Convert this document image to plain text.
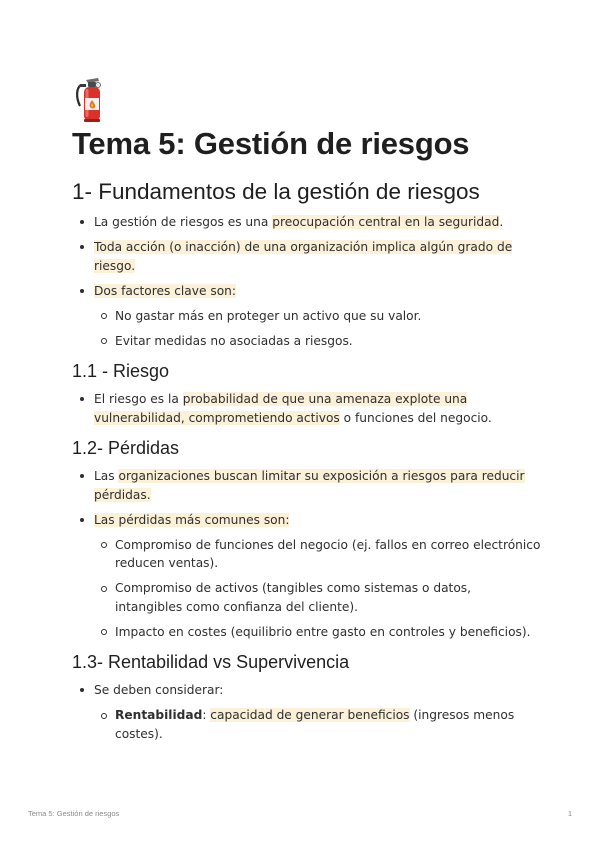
Tema 5: Gestión de riesgos
1- Fundamentos de la gestión de riesgos
La gestión de riesgos es una preocupación central en la seguridad.
Toda acción (o inacción) de una organización implica algún grado de riesgo.
Dos factores clave son:
No gastar más en proteger un activo que su valor.
Evitar medidas no asociadas a riesgos.
1.1 - Riesgo
El riesgo es la probabilidad de que una amenaza explote una vulnerabilidad, comprometiendo activos o funciones del negocio.
1.2- Pérdidas
Las organizaciones buscan limitar su exposición a riesgos para reducir pérdidas.
Las pérdidas más comunes son:
Compromiso de funciones del negocio (ej. fallos en correo electrónico reducen ventas).
Compromiso de activos (tangibles como sistemas o datos, intangibles como confianza del cliente).
Impacto en costes (equilibrio entre gasto en controles y beneficios).
1.3- Rentabilidad vs Supervivencia
Se deben considerar:
Rentabilidad: capacidad de generar beneficios (ingresos menos costes).
Tema 5: Gestión de riesgos	1
